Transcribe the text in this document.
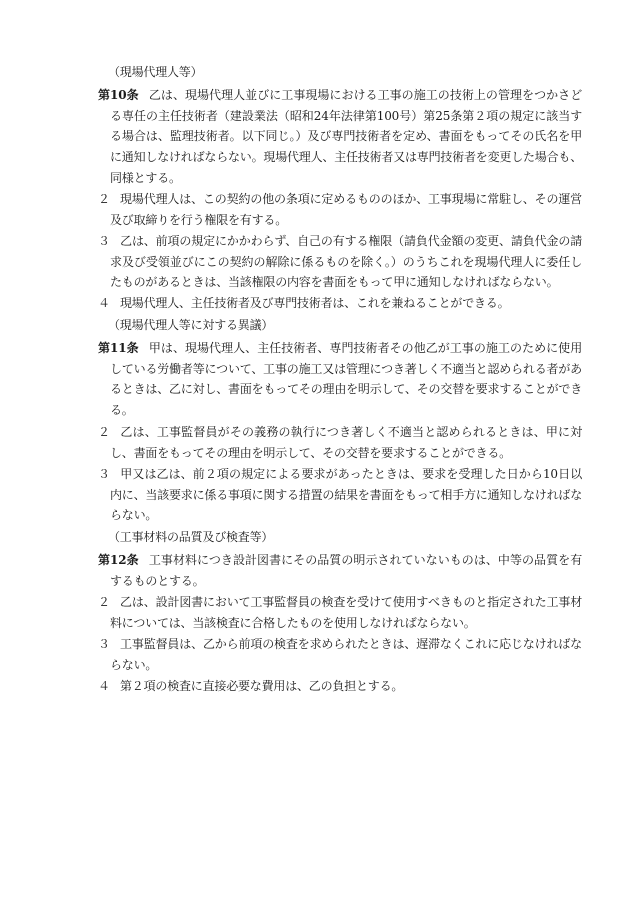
（現場代理人等）

第10条 乙は、現場代理人並びに工事現場における工事の施工の技術上の管理をつかさどる専任の主任技術者（建設業法（昭和24年法律第100号）第25条第２項の規定に該当する場合は、監理技術者。以下同じ。）及び専門技術者を定め、書面をもってその氏名を甲に通知しなければならない。現場代理人、主任技術者又は専門技術者を変更した場合も、同様とする。

２ 現場代理人は、この契約の他の条項に定めるもののほか、工事現場に常駐し、その運営及び取締りを行う権限を有する。

３ 乙は、前項の規定にかかわらず、自己の有する権限（請負代金額の変更、請負代金の請求及び受領並びにこの契約の解除に係るものを除く。）のうちこれを現場代理人に委任したものがあるときは、当該権限の内容を書面をもって甲に通知しなければならない。

４ 現場代理人、主任技術者及び専門技術者は、これを兼ねることができる。

（現場代理人等に対する異議）

第11条 甲は、現場代理人、主任技術者、専門技術者その他乙が工事の施工のために使用している労働者等について、工事の施工又は管理につき著しく不適当と認められる者があるときは、乙に対し、書面をもってその理由を明示して、その交替を要求することができる。

２ 乙は、工事監督員がその義務の執行につき著しく不適当と認められるときは、甲に対し、書面をもってその理由を明示して、その交替を要求することができる。

３ 甲又は乙は、前２項の規定による要求があったときは、要求を受理した日から10日以内に、当該要求に係る事項に関する措置の結果を書面をもって相手方に通知しなければならない。

（工事材料の品質及び検査等）

第12条 工事材料につき設計図書にその品質の明示されていないものは、中等の品質を有するものとする。

２ 乙は、設計図書において工事監督員の検査を受けて使用すべきものと指定された工事材料については、当該検査に合格したものを使用しなければならない。

３ 工事監督員は、乙から前項の検査を求められたときは、遅滞なくこれに応じなければならない。

４ 第２項の検査に直接必要な費用は、乙の負担とする。
